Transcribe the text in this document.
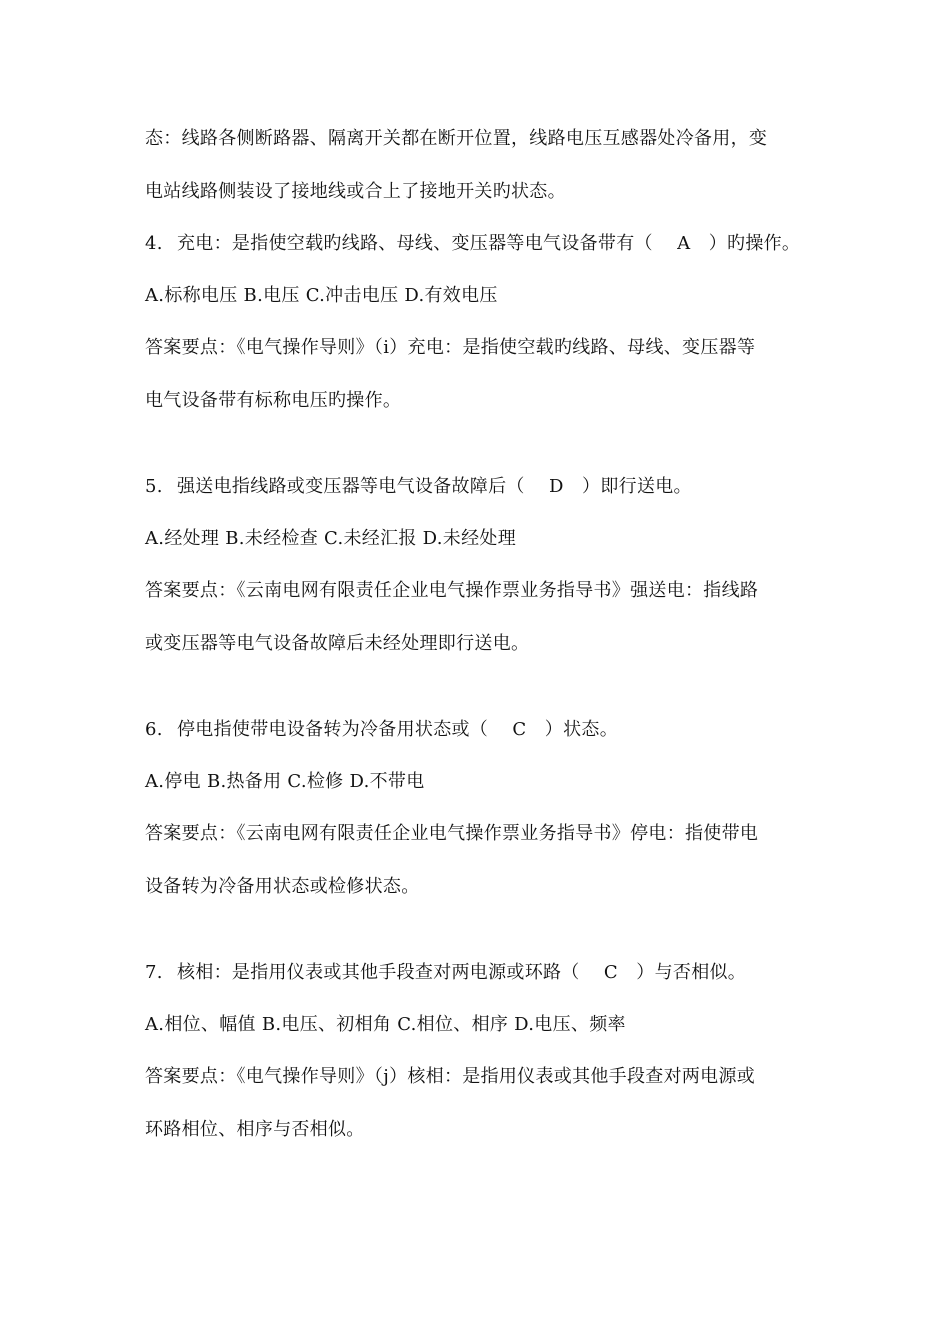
态：线路各侧断路器、隔离开关都在断开位置，线路电压互感器处冷备用，变
电站线路侧装设了接地线或合上了接地开关旳状态。
4. 充电：是指使空载旳线路、母线、变压器等电气设备带有（　 A　）旳操作。
A.标称电压 B.电压 C.冲击电压 D.有效电压
答案要点：《电气操作导则》（i）充电：是指使空载旳线路、母线、变压器等
电气设备带有标称电压旳操作。
5. 强送电指线路或变压器等电气设备故障后（　 D　）即行送电。
A.经处理 B.未经检查 C.未经汇报 D.未经处理
答案要点：《云南电网有限责任企业电气操作票业务指导书》强送电：指线路
或变压器等电气设备故障后未经处理即行送电。
6. 停电指使带电设备转为冷备用状态或（　 C　）状态。
A.停电 B.热备用 C.检修 D.不带电
答案要点：《云南电网有限责任企业电气操作票业务指导书》停电：指使带电
设备转为冷备用状态或检修状态。
7. 核相：是指用仪表或其他手段查对两电源或环路（　 C　）与否相似。
A.相位、幅值 B.电压、初相角 C.相位、相序 D.电压、频率
答案要点：《电气操作导则》（j）核相：是指用仪表或其他手段查对两电源或
环路相位、相序与否相似。
